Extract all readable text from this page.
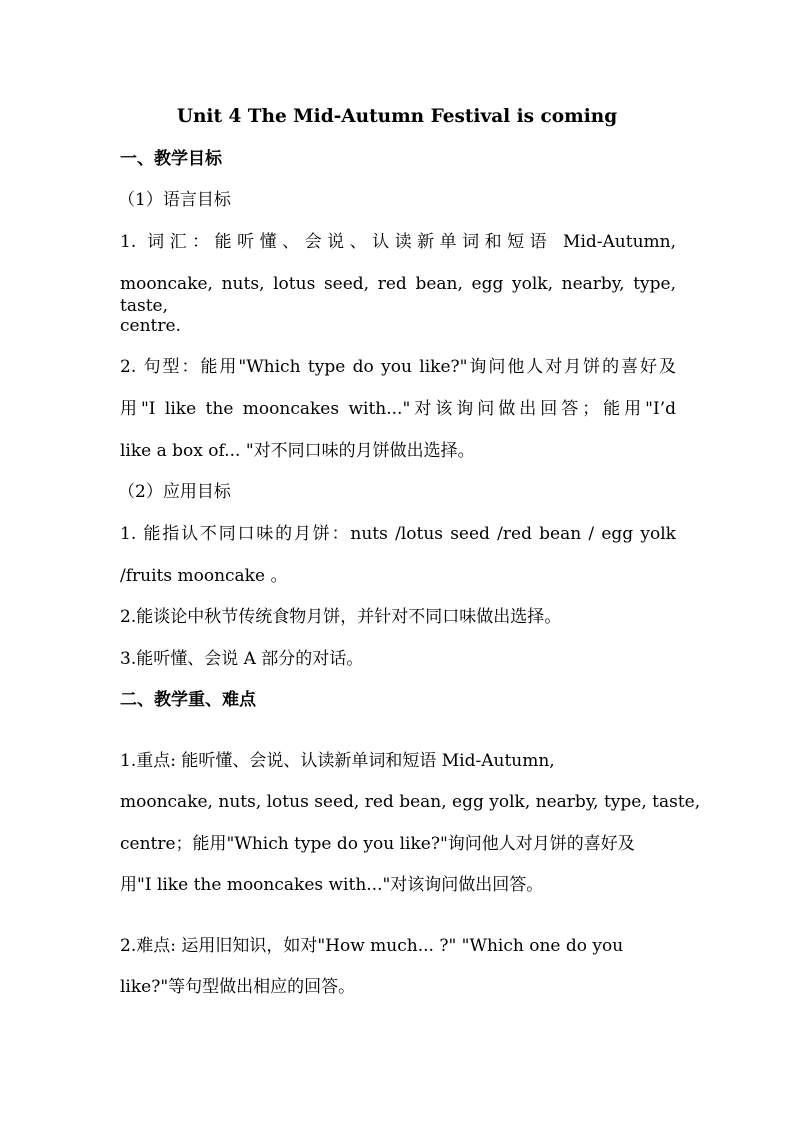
Unit 4 The Mid-Autumn Festival is coming
一、教学目标
（1）语言目标
1. 词汇：能听懂、会说、认读新单词和短语 Mid-Autumn,
mooncake, nuts, lotus seed, red bean, egg yolk, nearby, type, taste,
centre.
2. 句型：能用"Which type do you like?"询问他人对月饼的喜好及
用"I like the mooncakes with..."对该询问做出回答；能用"I’d
like a box of... "对不同口味的月饼做出选择。
（2）应用目标
1. 能指认不同口味的月饼：nuts /lotus seed /red bean / egg yolk
/fruits mooncake 。
2.能谈论中秋节传统食物月饼，并针对不同口味做出选择。
3.能听懂、会说 A 部分的对话。
二、教学重、难点
1.重点: 能听懂、会说、认读新单词和短语 Mid-Autumn,
mooncake, nuts, lotus seed, red bean, egg yolk, nearby, type, taste,
centre；能用"Which type do you like?"询问他人对月饼的喜好及
用"I like the mooncakes with..."对该询问做出回答。
2.难点: 运用旧知识，如对"How much... ?" "Which one do you
like?"等句型做出相应的回答。
